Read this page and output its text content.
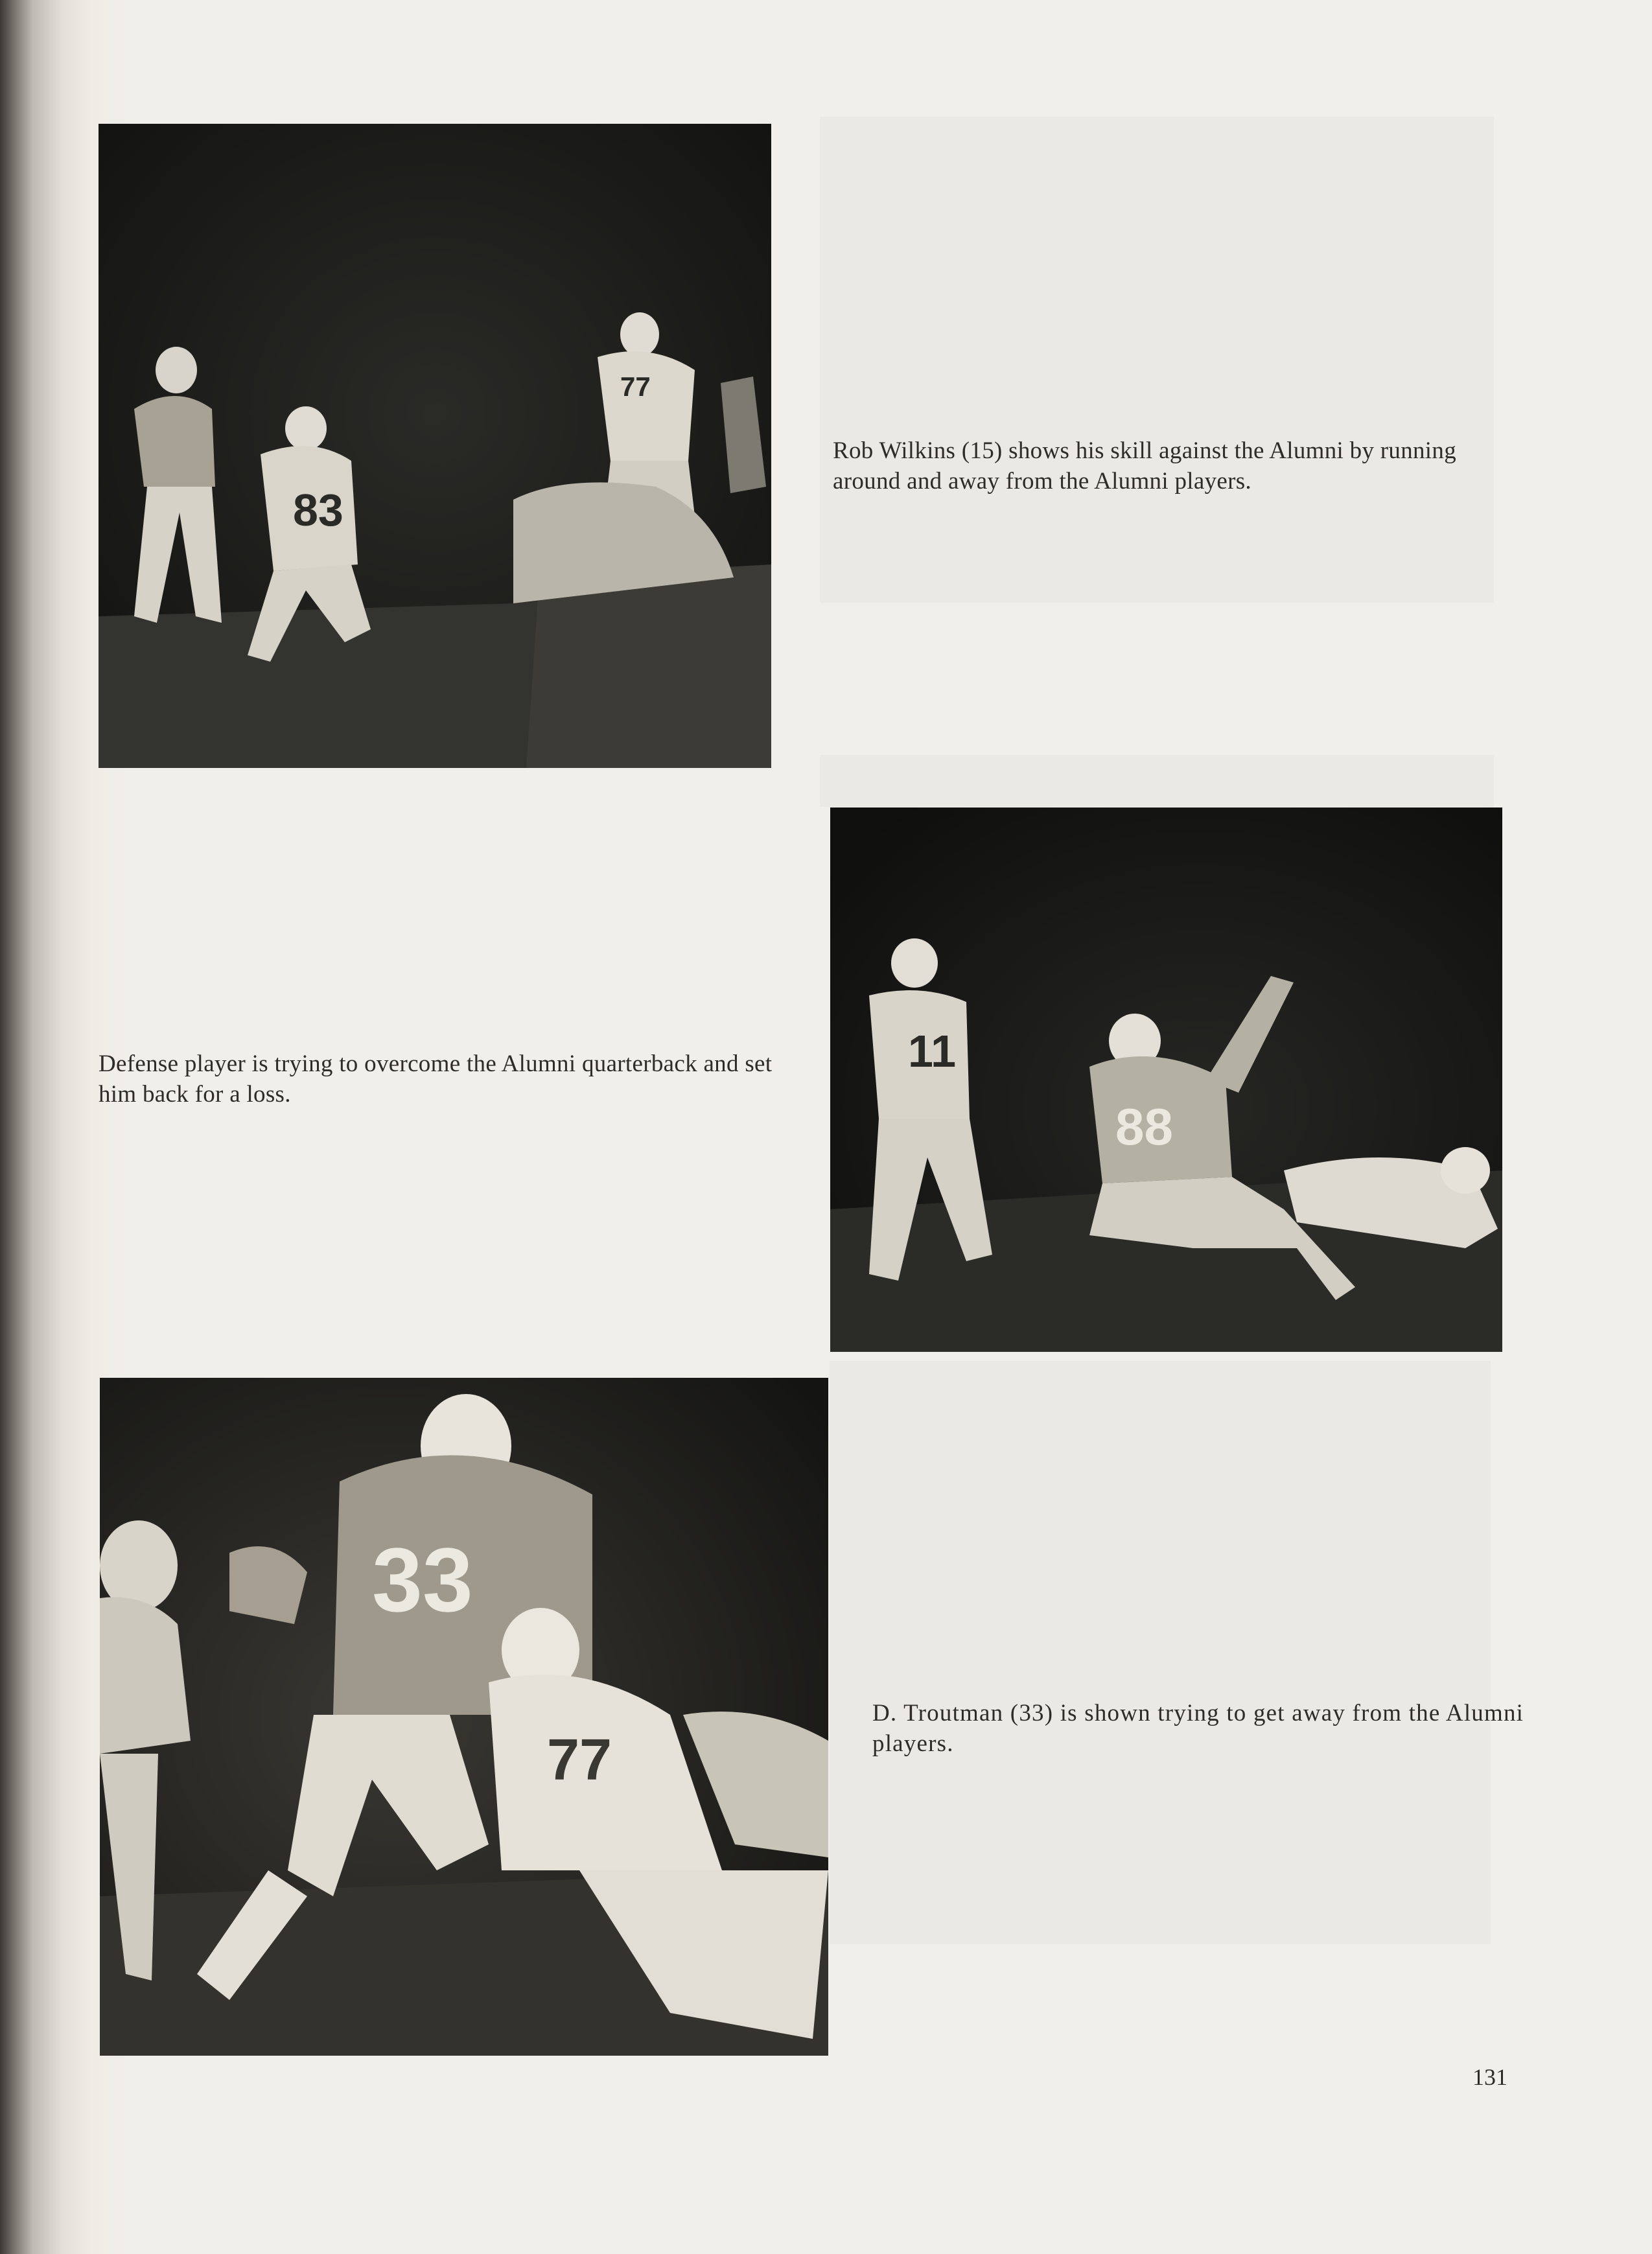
83
77
Rob Wilkins (15) shows his skill against the Alumni by running around and away from the Alumni players.
11
88
Defense player is trying to overcome the Alumni quarterback and set him back for a loss.
33
77
D. Troutman (33) is shown trying to get away from the Alumni players.
131
